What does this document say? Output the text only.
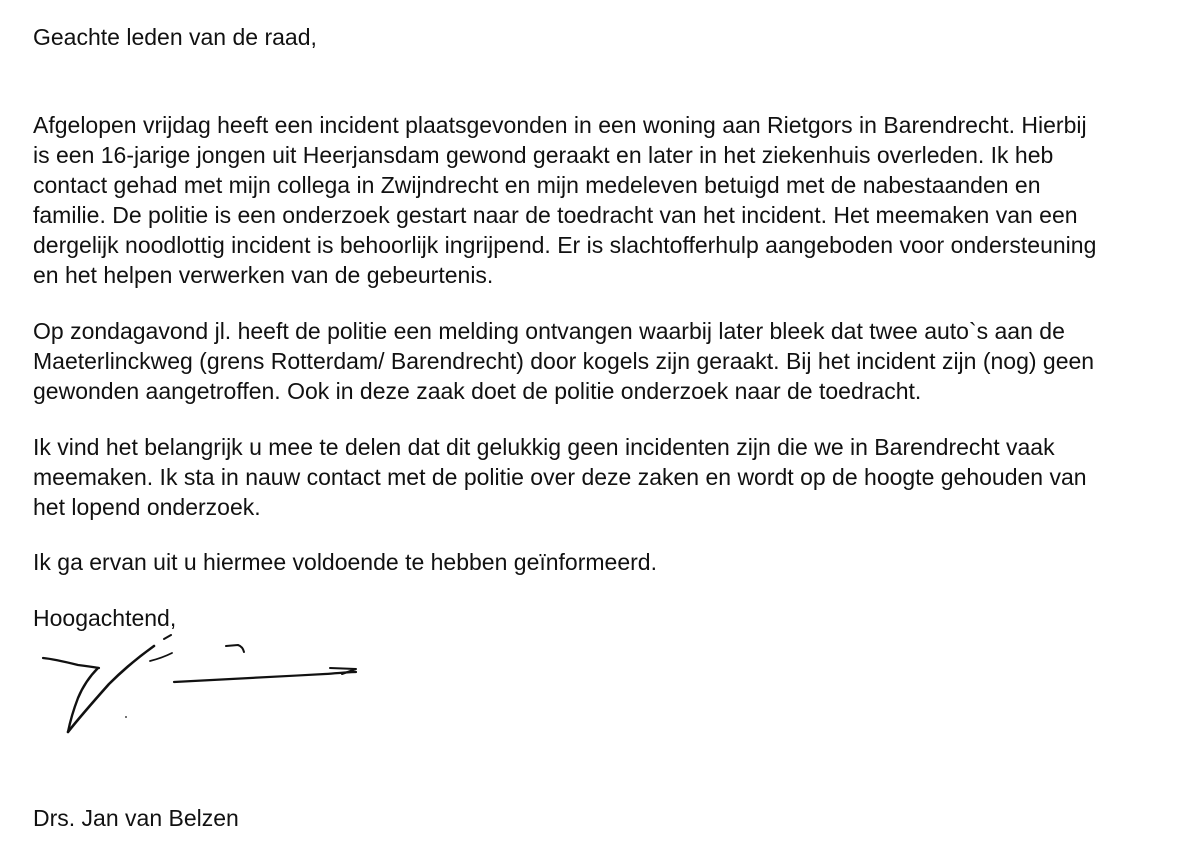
Geachte leden van de raad,
Afgelopen vrijdag heeft een incident plaatsgevonden in een woning aan Rietgors in Barendrecht. Hierbij
is een 16-jarige jongen uit Heerjansdam gewond geraakt en later in het ziekenhuis overleden. Ik heb
contact gehad met mijn collega in Zwijndrecht en mijn medeleven betuigd met de nabestaanden en
familie. De politie is een onderzoek gestart naar de toedracht van het incident. Het meemaken van een
dergelijk noodlottig incident is behoorlijk ingrijpend. Er is slachtofferhulp aangeboden voor ondersteuning
en het helpen verwerken van de gebeurtenis.
Op zondagavond jl. heeft de politie een melding ontvangen waarbij later bleek dat twee auto`s aan de
Maeterlinckweg (grens Rotterdam/ Barendrecht) door kogels zijn geraakt. Bij het incident zijn (nog) geen
gewonden aangetroffen. Ook in deze zaak doet de politie onderzoek naar de toedracht.
Ik vind het belangrijk u mee te delen dat dit gelukkig geen incidenten zijn die we in Barendrecht vaak
meemaken. Ik sta in nauw contact met de politie over deze zaken en wordt op de hoogte gehouden van
het lopend onderzoek.
Ik ga ervan uit u hiermee voldoende te hebben geïnformeerd.
Hoogachtend,
Drs. Jan van Belzen
